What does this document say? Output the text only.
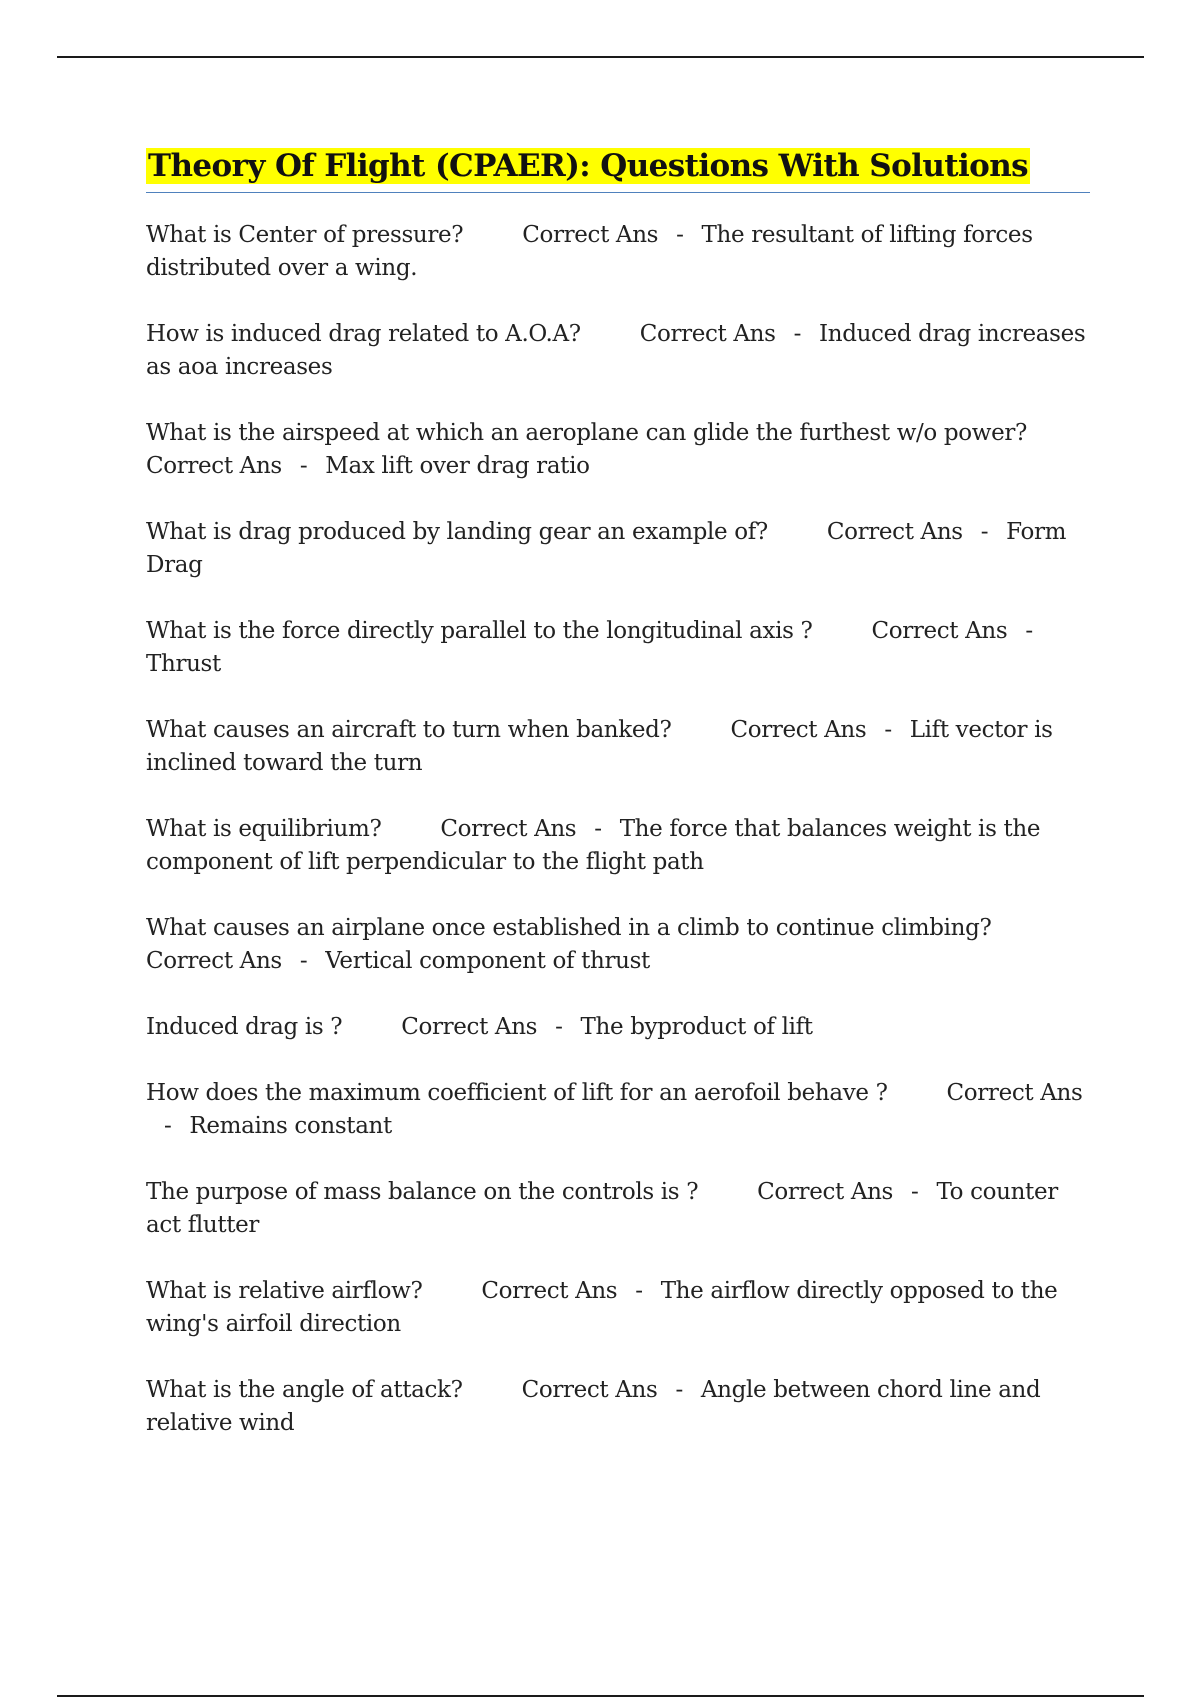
Theory Of Flight (CPAER): Questions With Solutions

What is Center of pressure?	Correct Ans - The resultant of lifting forces distributed over a wing.

How is induced drag related to A.O.A?	Correct Ans - Induced drag increases as aoa increases

What is the airspeed at which an aeroplane can glide the furthest w/o power? Correct Ans - Max lift over drag ratio

What is drag produced by landing gear an example of?	Correct Ans - Form Drag

What is the force directly parallel to the longitudinal axis ?	Correct Ans -Thrust

What causes an aircraft to turn when banked?	Correct Ans - Lift vector is inclined toward the turn

What is equilibrium?	Correct Ans - The force that balances weight is the component of lift perpendicular to the flight path

What causes an airplane once established in a climb to continue climbing? Correct Ans - Vertical component of thrust

Induced drag is ?	Correct Ans - The byproduct of lift

How does the maximum coefficient of lift for an aerofoil behave ?	Correct Ans- Remains constant

The purpose of mass balance on the controls is ?	Correct Ans - To counter act flutter

What is relative airflow?	Correct Ans - The airflow directly opposed to the wing's airfoil direction

What is the angle of attack?	Correct Ans - Angle between chord line and relative wind
